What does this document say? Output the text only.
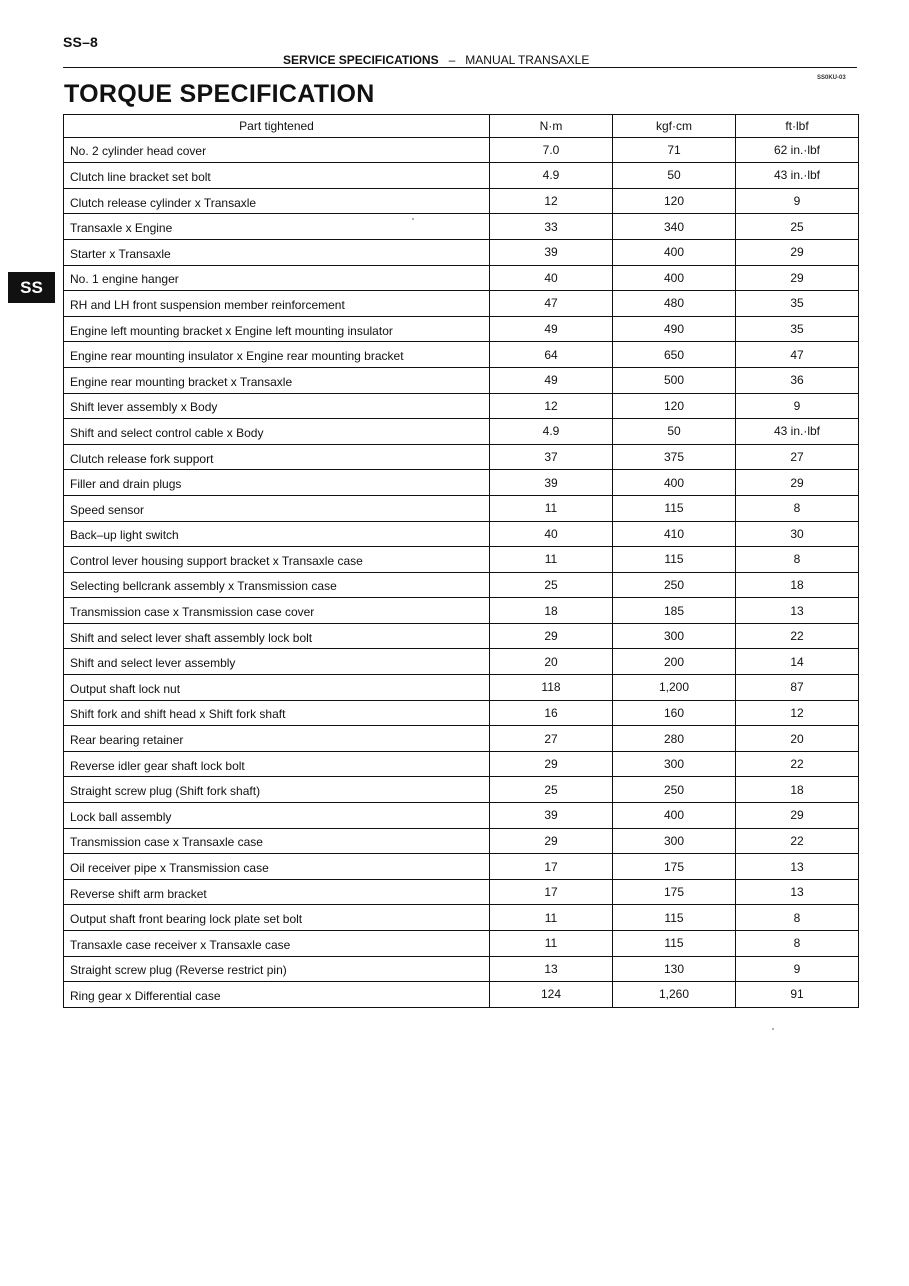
SS–8
SERVICE SPECIFICATIONS – MANUAL TRANSAXLE
SS0KU-03
TORQUE SPECIFICATION
SS
Part tightened	N·m	kgf·cm	ft·lbf
No. 2 cylinder head cover	7.0	71	62 in.·lbf
Clutch line bracket set bolt	4.9	50	43 in.·lbf
Clutch release cylinder x Transaxle	12	120	9
Transaxle x Engine	33	340	25
Starter x Transaxle	39	400	29
No. 1 engine hanger	40	400	29
RH and LH front suspension member reinforcement	47	480	35
Engine left mounting bracket x Engine left mounting insulator	49	490	35
Engine rear mounting insulator x Engine rear mounting bracket	64	650	47
Engine rear mounting bracket x Transaxle	49	500	36
Shift lever assembly x Body	12	120	9
Shift and select control cable x Body	4.9	50	43 in.·lbf
Clutch release fork support	37	375	27
Filler and drain plugs	39	400	29
Speed sensor	11	115	8
Back–up light switch	40	410	30
Control lever housing support bracket x Transaxle case	11	115	8
Selecting bellcrank assembly x Transmission case	25	250	18
Transmission case x Transmission case cover	18	185	13
Shift and select lever shaft assembly lock bolt	29	300	22
Shift and select lever assembly	20	200	14
Output shaft lock nut	118	1,200	87
Shift fork and shift head x Shift fork shaft	16	160	12
Rear bearing retainer	27	280	20
Reverse idler gear shaft lock bolt	29	300	22
Straight screw plug (Shift fork shaft)	25	250	18
Lock ball assembly	39	400	29
Transmission case x Transaxle case	29	300	22
Oil receiver pipe x Transmission case	17	175	13
Reverse shift arm bracket	17	175	13
Output shaft front bearing lock plate set bolt	11	115	8
Transaxle case receiver x Transaxle case	11	115	8
Straight screw plug (Reverse restrict pin)	13	130	9
Ring gear x Differential case	124	1,260	91
